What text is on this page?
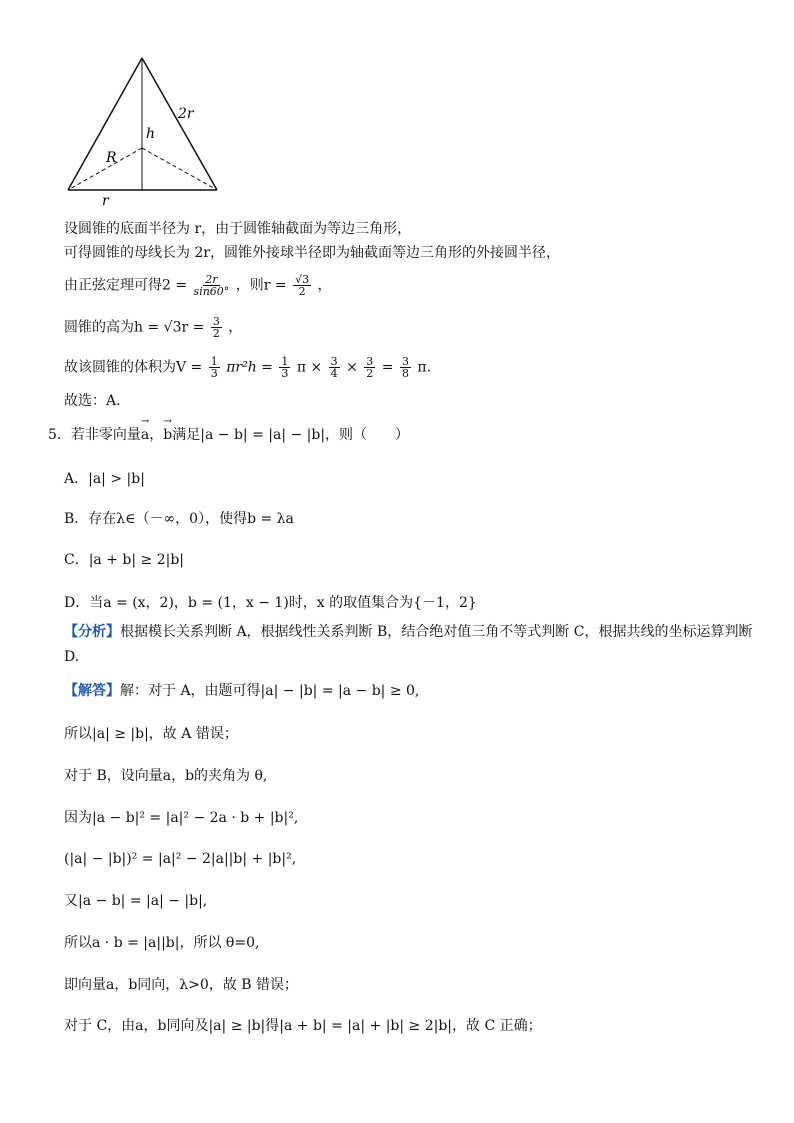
2r
h
R
r
设圆锥的底面半径为 r，由于圆锥轴截面为等边三角形，
可得圆锥的母线长为 2r，圆锥外接球半径即为轴截面等边三角形的外接圆半径，
由正弦定理可得$2 = \frac{2r}{\sin 60^\circ}$ ，则$r = \frac{√3}{2}$ ，
圆锥的高为$h = √3r = \frac{3}{2}$ ，
故该圆锥的体积为$V = \frac{1}{3} \pi r^2h = \frac{1}{3}$ $\pi \times \frac{3}{4} \times \frac{3}{2} = \frac{3}{8} \pi$.
故选：A.
5．若非零向量→ a，→ b满足|a − b| = |a| − |b|，则（　　）
A．|a| > |b|
B．存在λ∈（－∞，0），使得b = λa
C．|a + b| ≥ 2|b|
D．当a = (x，2)，b = (1，x − 1)时，x 的取值集合为{－1，2}
【分析】根据模长关系判断 A，根据线性关系判断 B，结合绝对值三角不等式判断 C，根据共线的坐标运算判断
D.
【解答】解：对于 A，由题可得|a| − |b| = |a − b| ≥ 0,
所以|a| ≥ |b|，故 A 错误；
对于 B，设向量a，b的夹角为 θ,
因为|a − b|² = |a|² − 2a · b + |b|²,
(|a| − |b|)² = |a|² − 2|a||b| + |b|²,
又|a − b| = |a| − |b|,
所以a · b = |a||b|，所以 θ=0,
即向量a，b同向，λ>0，故 B 错误；
对于 C，由a，b同向及|a| ≥ |b|得|a + b| = |a| + |b| ≥ 2|b|，故 C 正确；
